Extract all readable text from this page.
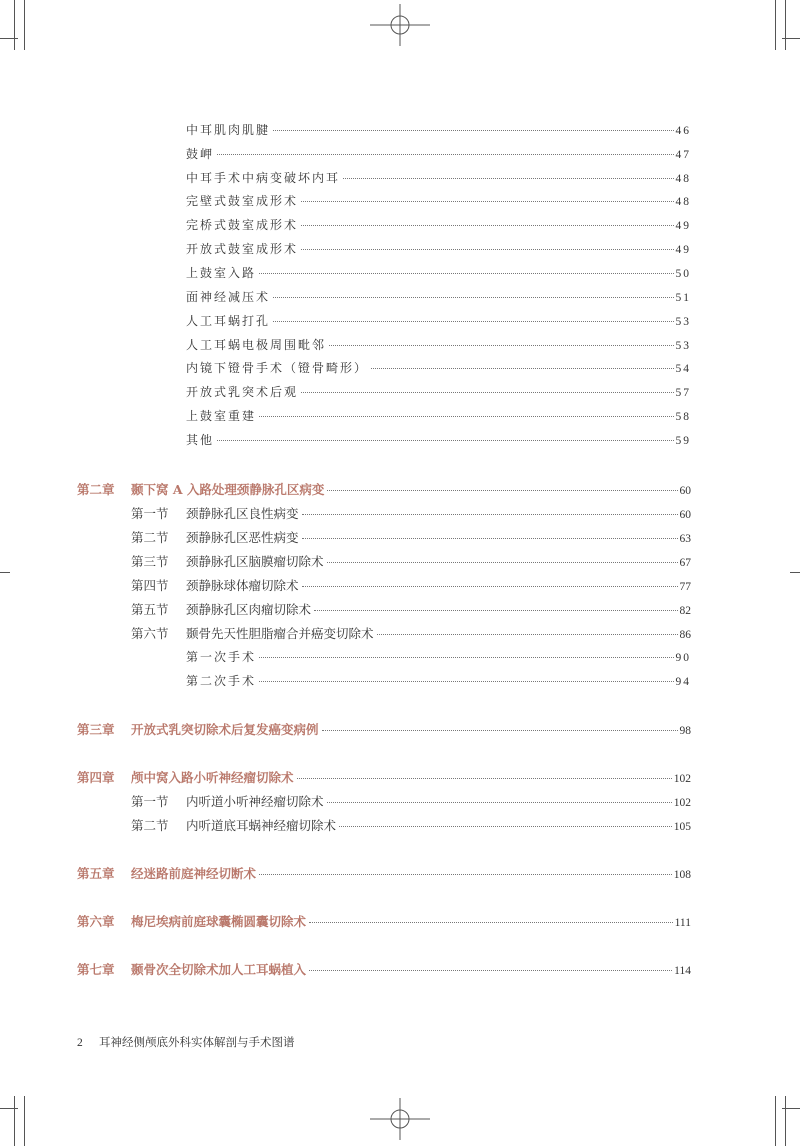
中耳肌肉肌腱	46
鼓岬	47
中耳手术中病变破坏内耳	48
完壁式鼓室成形术	48
完桥式鼓室成形术	49
开放式鼓室成形术	49
上鼓室入路	50
面神经减压术	51
人工耳蜗打孔	53
人工耳蜗电极周围毗邻	53
内镜下镫骨手术（镫骨畸形）	54
开放式乳突术后观	57
上鼓室重建	58
其他	59
第二章	颞下窝 A 入路处理颈静脉孔区病变	60
第一节	颈静脉孔区良性病变	60
第二节	颈静脉孔区恶性病变	63
第三节	颈静脉孔区脑膜瘤切除术	67
第四节	颈静脉球体瘤切除术	77
第五节	颈静脉孔区肉瘤切除术	82
第六节	颞骨先天性胆脂瘤合并癌变切除术	86
第一次手术	90
第二次手术	94
第三章	开放式乳突切除术后复发癌变病例	98
第四章	颅中窝入路小听神经瘤切除术	102
第一节	内听道小听神经瘤切除术	102
第二节	内听道底耳蜗神经瘤切除术	105
第五章	经迷路前庭神经切断术	108
第六章	梅尼埃病前庭球囊椭圆囊切除术	111
第七章	颞骨次全切除术加人工耳蜗植入	114
2 耳神经侧颅底外科实体解剖与手术图谱
